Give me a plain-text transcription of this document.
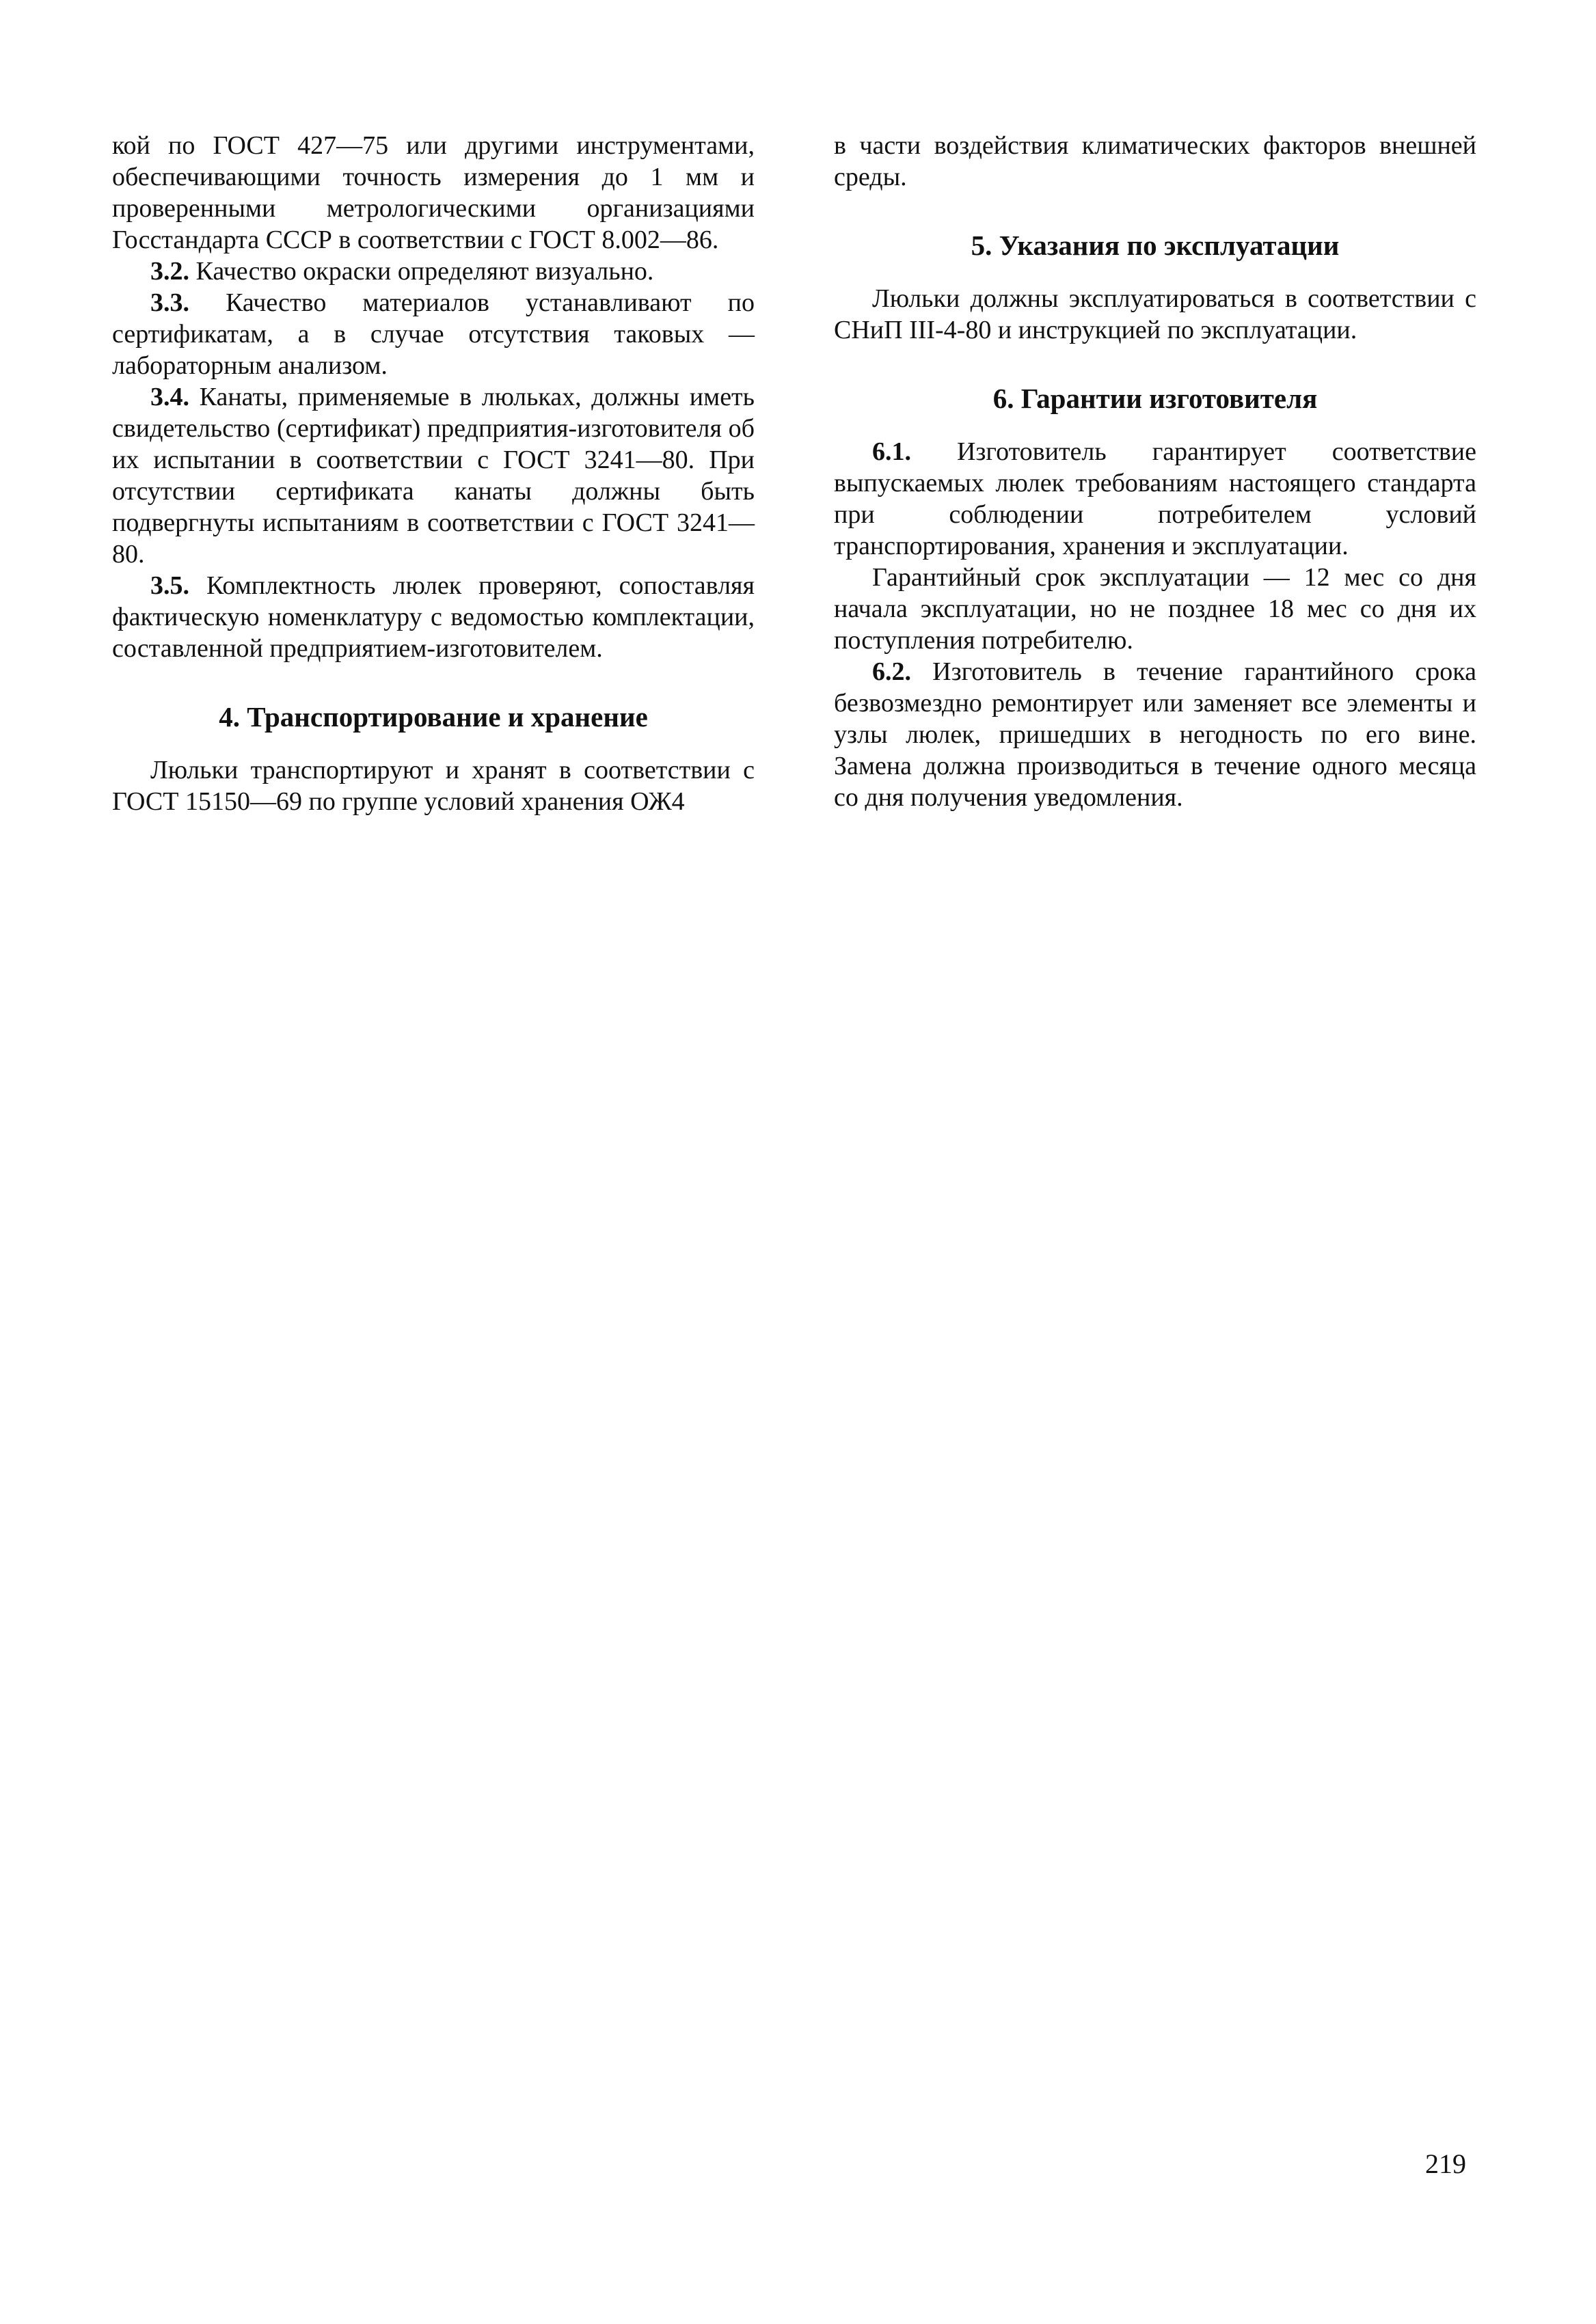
кой по ГОСТ 427—75 или другими инструментами, обеспечивающими точность измерения до 1 мм и проверенными метрологическими организациями Госстандарта СССР в соответствии с ГОСТ 8.002—86.

3.2. Качество окраски определяют визуально.

3.3. Качество материалов устанавливают по сертификатам, а в случае отсутствия таковых — лабораторным анализом.

3.4. Канаты, применяемые в люльках, должны иметь свидетельство (сертификат) предприятия-изготовителя об их испытании в соответствии с ГОСТ 3241—80. При отсутствии сертификата канаты должны быть подвергнуты испытаниям в соответствии с ГОСТ 3241—80.

3.5. Комплектность люлек проверяют, сопоставляя фактическую номенклатуру с ведомостью комплектации, составленной предприятием-изготовителем.

4. Транспортирование и хранение

Люльки транспортируют и хранят в соответствии с ГОСТ 15150—69 по группе условий хранения ОЖ4

в части воздействия климатических факторов внешней среды.

5. Указания по эксплуатации

Люльки должны эксплуатироваться в соответствии с СНиП III-4-80 и инструкцией по эксплуатации.

6. Гарантии изготовителя

6.1. Изготовитель гарантирует соответствие выпускаемых люлек требованиям настоящего стандарта при соблюдении потребителем условий транспортирования, хранения и эксплуатации.

Гарантийный срок эксплуатации — 12 мес со дня начала эксплуатации, но не позднее 18 мес со дня их поступления потребителю.

6.2. Изготовитель в течение гарантийного срока безвозмездно ремонтирует или заменяет все элементы и узлы люлек, пришедших в негодность по его вине. Замена должна производиться в течение одного месяца со дня получения уведомления.

219
